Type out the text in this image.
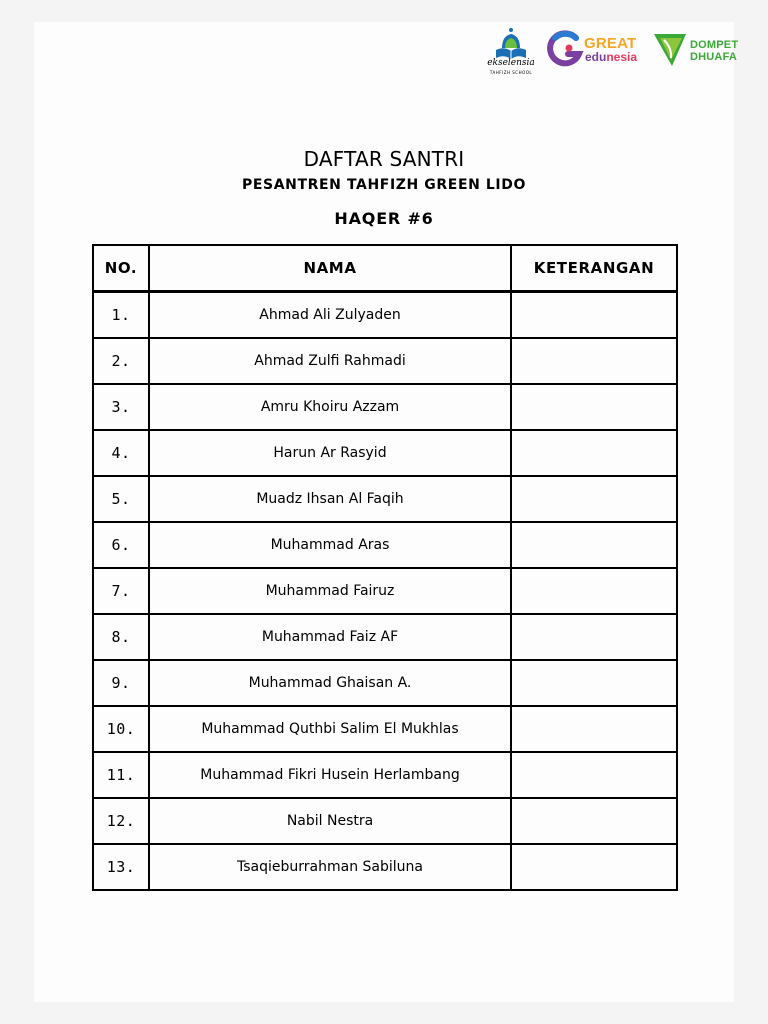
ekselensia
TAHFIZH SCHOOL
GREAT
edunesia
DOMPET
DHUAFA
DAFTAR SANTRI
PESANTREN TAHFIZH GREEN LIDO
HAQER #6
NO.	NAMA	KETERANGAN
1.	Ahmad Ali Zulyaden	
2.	Ahmad Zulfi Rahmadi	
3.	Amru Khoiru Azzam	
4.	Harun Ar Rasyid	
5.	Muadz Ihsan Al Faqih	
6.	Muhammad Aras	
7.	Muhammad Fairuz	
8.	Muhammad Faiz AF	
9.	Muhammad Ghaisan A.	
10.	Muhammad Quthbi Salim El Mukhlas	
11.	Muhammad Fikri Husein Herlambang	
12.	Nabil Nestra	
13.	Tsaqieburrahman Sabiluna	
